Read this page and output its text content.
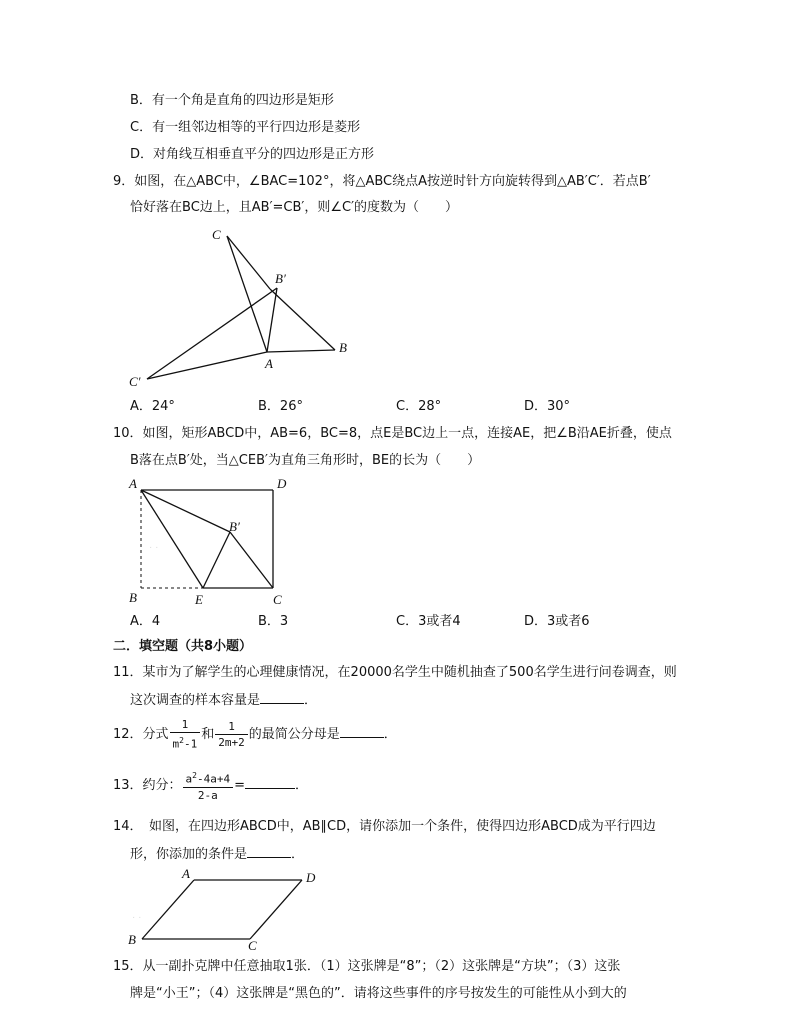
B．有一个角是直角的四边形是矩形
C．有一组邻边相等的平行四边形是菱形
D．对角线互相垂直平分的四边形是正方形
9．如图，在△ABC中，∠BAC=102°，将△ABC绕点A按逆时针方向旋转得到△AB′C′．若点B′
恰好落在BC边上，且AB′=CB′，则∠C′的度数为（　　）
C
B′
B
A
C′
A．24°	B．26°	C．28°	D．30°
10．如图，矩形ABCD中，AB=6，BC=8，点E是BC边上一点，连接AE，把∠B沿AE折叠，使点
B落在点B′处，当△CEB′为直角三角形时，BE的长为（　　）
· ·
A	D
B′
B	E	C
A．4	B．3	C．3或者4	D．3或者6
二．填空题（共8小题）
11．某市为了解学生的心理健康情况，在20000名学生中随机抽查了500名学生进行问卷调查，则
这次调查的样本容量是	．
12．分式 $\frac{1}{m^2-1}$ 和 $\frac{1}{2m+2}$ 的最简公分母是	．
13．约分： $\frac{a^2-4a+4}{2-a}$ =	．
14．　如图，在四边形ABCD中，AB∥CD，请你添加一个条件，使得四边形ABCD成为平行四边
形，你添加的条件是	．
· ·
A	D
B	C
15．从一副扑克牌中任意抽取1张．（1）这张牌是“8”；（2）这张牌是“方块”；（3）这张
牌是“小王”；（4）这张牌是“黑色的”．请将这些事件的序号按发生的可能性从小到大的
